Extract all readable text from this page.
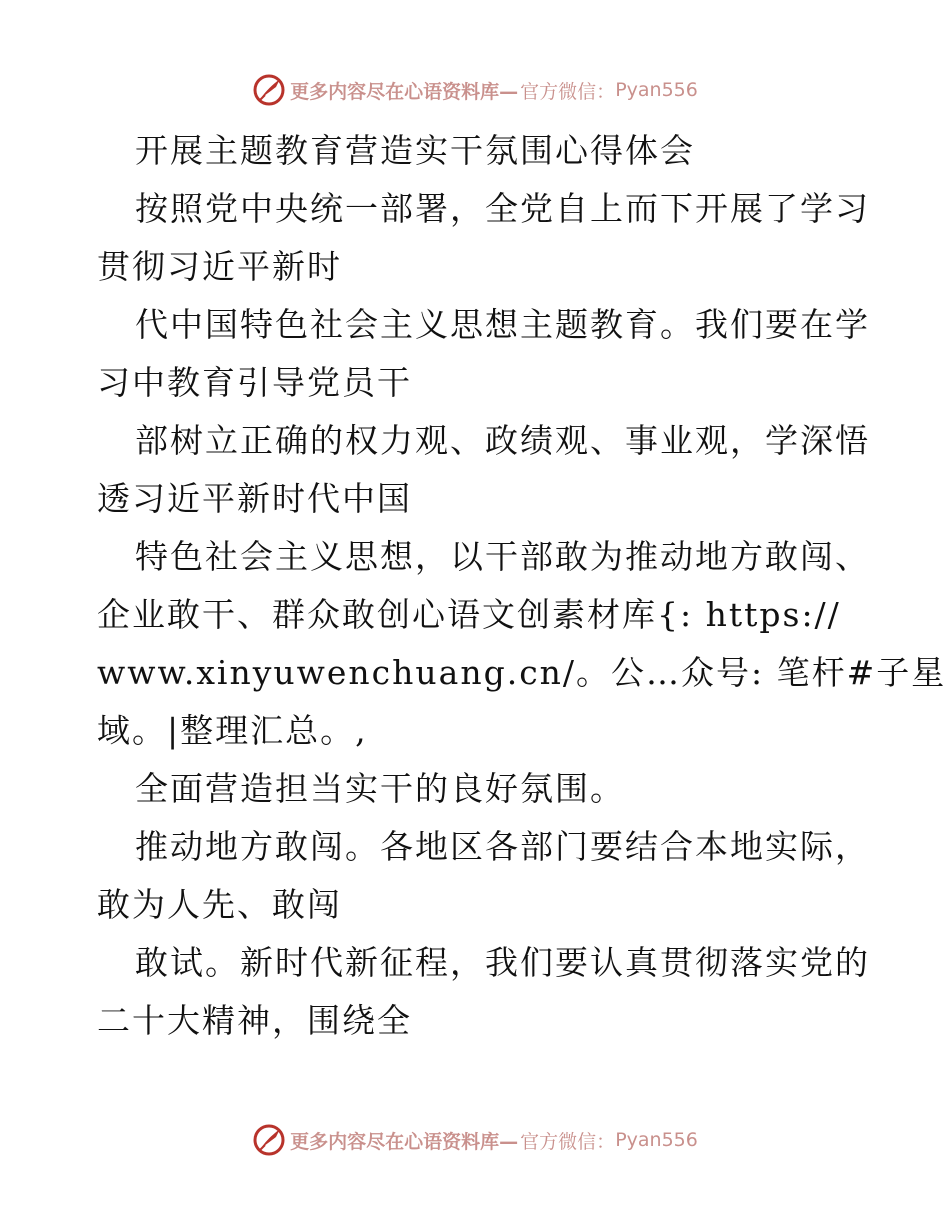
更多内容尽在心语资料库— 官方微信： Pyan556
开展主题教育营造实干氛围心得体会
按照党中央统一部署，全党自上而下开展了学习
贯彻习近平新时
代中国特色社会主义思想主题教育。我们要在学
习中教育引导党员干
部树立正确的权力观、政绩观、事业观，学深悟
透习近平新时代中国
特色社会主义思想，以干部敢为推动地方敢闯、
企业敢干、群众敢创心语文创素材库{: https://
www.xinyuwenchuang.cn/。公…众号: 笔杆#子星
域。|整理汇总。,
全面营造担当实干的良好氛围。
推动地方敢闯。各地区各部门要结合本地实际，
敢为人先、敢闯
敢试。新时代新征程，我们要认真贯彻落实党的
二十大精神，围绕全
更多内容尽在心语资料库— 官方微信： Pyan556
